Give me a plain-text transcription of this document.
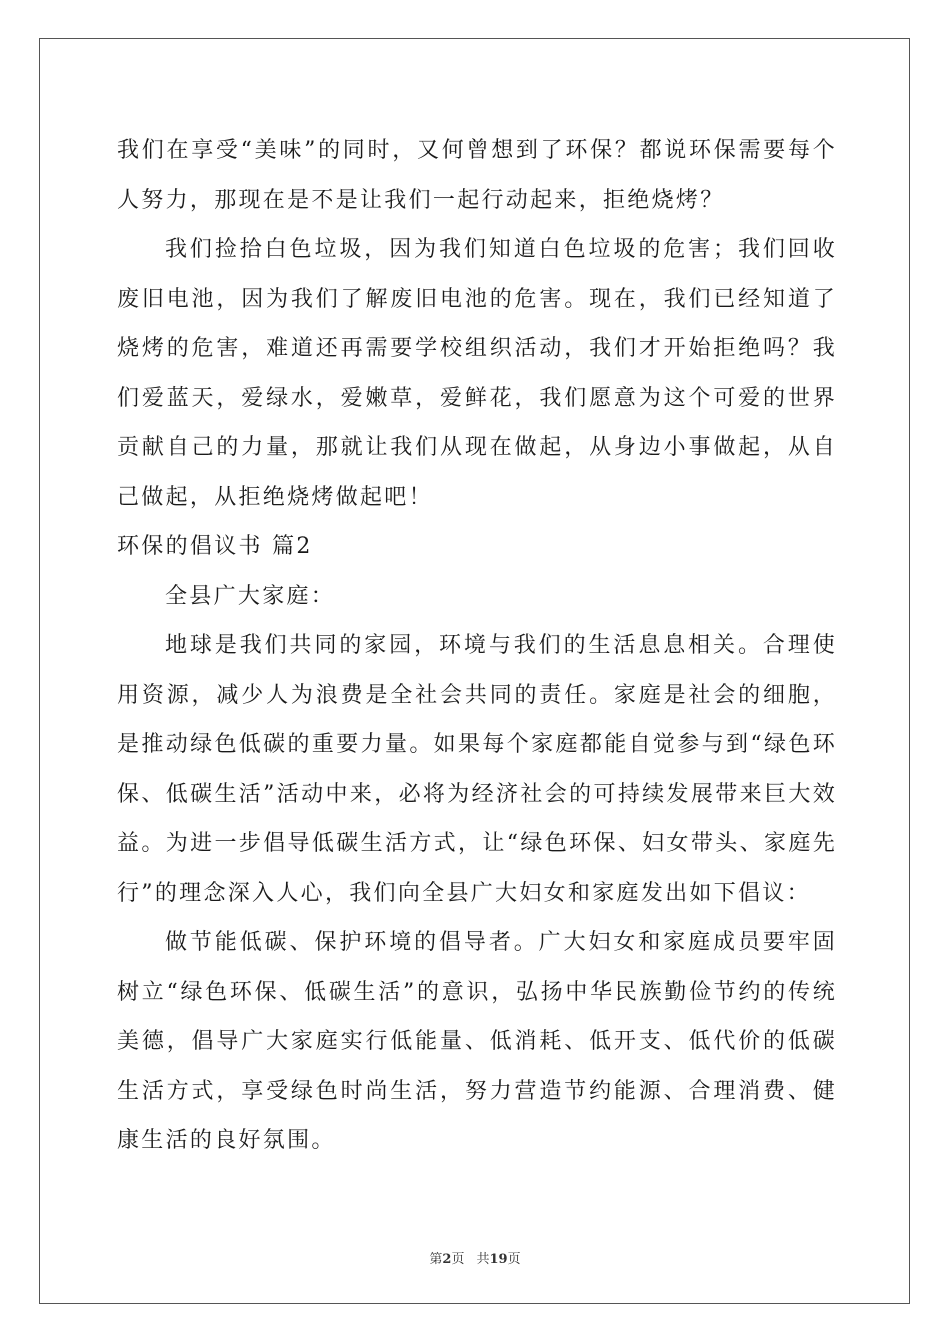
我们在享受“美味”的同时，又何曾想到了环保？都说环保需要每个人努力，那现在是不是让我们一起行动起来，拒绝烧烤？

我们捡拾白色垃圾，因为我们知道白色垃圾的危害；我们回收废旧电池，因为我们了解废旧电池的危害。现在，我们已经知道了烧烤的危害，难道还再需要学校组织活动，我们才开始拒绝吗？我们爱蓝天，爱绿水，爱嫩草，爱鲜花，我们愿意为这个可爱的世界贡献自己的力量，那就让我们从现在做起，从身边小事做起，从自己做起，从拒绝烧烤做起吧！

环保的倡议书 篇2

全县广大家庭：

地球是我们共同的家园，环境与我们的生活息息相关。合理使用资源，减少人为浪费是全社会共同的责任。家庭是社会的细胞，是推动绿色低碳的重要力量。如果每个家庭都能自觉参与到“绿色环保、低碳生活”活动中来，必将为经济社会的可持续发展带来巨大效益。为进一步倡导低碳生活方式，让“绿色环保、妇女带头、家庭先行”的理念深入人心，我们向全县广大妇女和家庭发出如下倡议：

做节能低碳、保护环境的倡导者。广大妇女和家庭成员要牢固树立“绿色环保、低碳生活”的意识，弘扬中华民族勤俭节约的传统美德，倡导广大家庭实行低能量、低消耗、低开支、低代价的低碳生活方式，享受绿色时尚生活，努力营造节约能源、合理消费、健康生活的良好氛围。

第2页 共19页
